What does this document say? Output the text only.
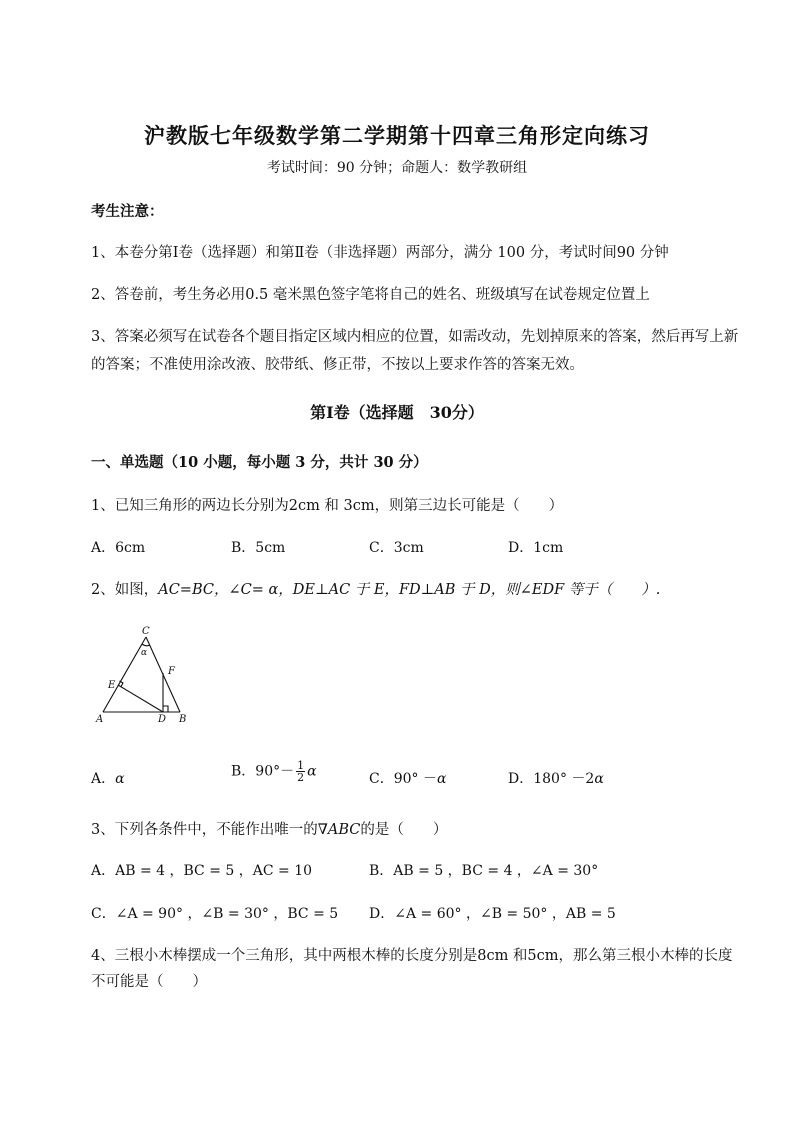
沪教版七年级数学第二学期第十四章三角形定向练习
考试时间：90 分钟；命题人：数学教研组
考生注意：
1、本卷分第Ⅰ卷（选择题）和第Ⅱ卷（非选择题）两部分，满分 100 分，考试时间90 分钟
2、答卷前，考生务必用0.5 毫米黑色签字笔将自己的姓名、班级填写在试卷规定位置上
3、答案必须写在试卷各个题目指定区域内相应的位置，如需改动，先划掉原来的答案，然后再写上新
的答案；不准使用涂改液、胶带纸、修正带，不按以上要求作答的答案无效。
第Ⅰ卷（选择题　30分）
一、单选题（10 小题，每小题 3 分，共计 30 分）
1、已知三角形的两边长分别为2cm 和 3cm，则第三边长可能是（　　）
A．6cm	B．5cm	C．3cm	D．1cm
2、如图，AC=BC，∠C= α，DE⊥AC 于 E，FD⊥AB 于 D，则∠EDF 等于（　　）.
C
α
F
E
A	D B
A．α	B．$90^\circ- \frac{1}{2}$ α	C．90° －α	D．180° －2α
3、下列各条件中，不能作出唯一的∇ABC的是（　　）
A．AB = 4 ，BC = 5 ，AC = 10	B．AB = 5 ，BC = 4 ，∠A = 30°
C．∠A = 90° ，∠B = 30° ，BC = 5 D．∠A = 60° ，∠B = 50° ，AB = 5
4、三根小木棒摆成一个三角形，其中两根木棒的长度分别是8cm 和5cm，那么第三根小木棒的长度
不可能是（　　）
